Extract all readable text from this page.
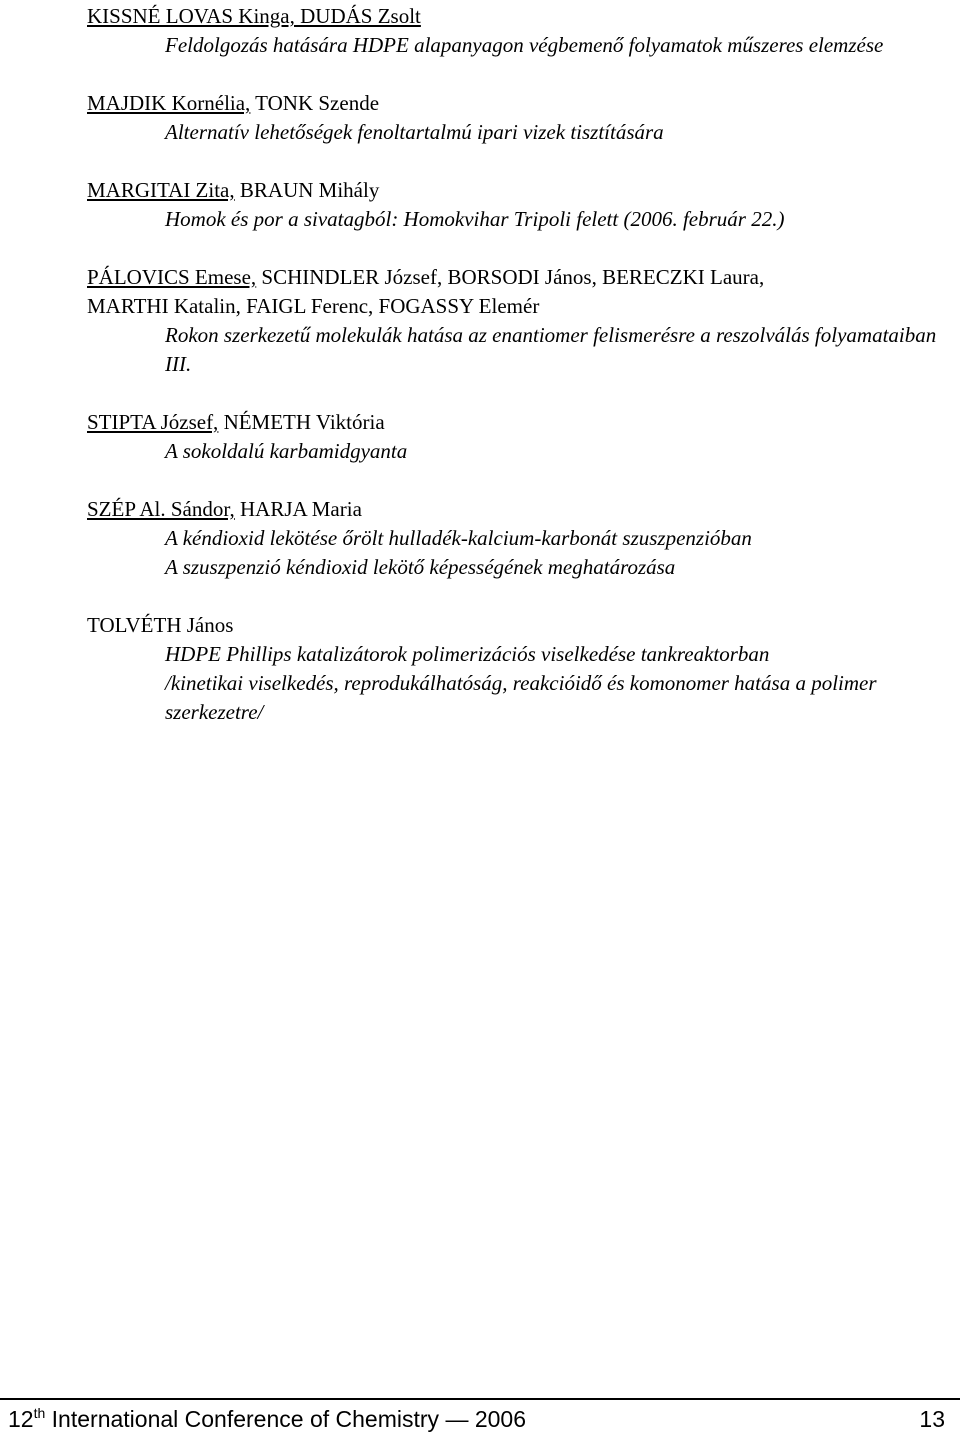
KISSNÉ LOVAS Kinga, DUDÁS Zsolt

Feldolgozás hatására HDPE alapanyagon végbemenő folyamatok műszeres elemzése

MAJDIK Kornélia, TONK Szende

Alternatív lehetőségek fenoltartalmú ipari vizek tisztítására

MARGITAI Zita, BRAUN Mihály

Homok és por a sivatagból: Homokvihar Tripoli felett (2006. február 22.)

PÁLOVICS Emese, SCHINDLER József, BORSODI János, BERECZKI Laura,
MARTHI Katalin, FAIGL Ferenc, FOGASSY Elemér

Rokon szerkezetű molekulák hatása az enantiomer felismerésre a reszolválás folyamataiban III.

STIPTA József, NÉMETH Viktória

A sokoldalú karbamidgyanta

SZÉP Al. Sándor, HARJA Maria

A kéndioxid lekötése őrölt hulladék-kalcium-karbonát szuszpenzióban

A szuszpenzió kéndioxid lekötő képességének meghatározása

TOLVÉTH János

HDPE Phillips katalizátorok polimerizációs viselkedése tankreaktorban

/kinetikai viselkedés, reprodukálhatóság, reakcióidő és komonomer hatása a polimer szerkezetre/

12th International Conference of Chemistry — 2006	13
